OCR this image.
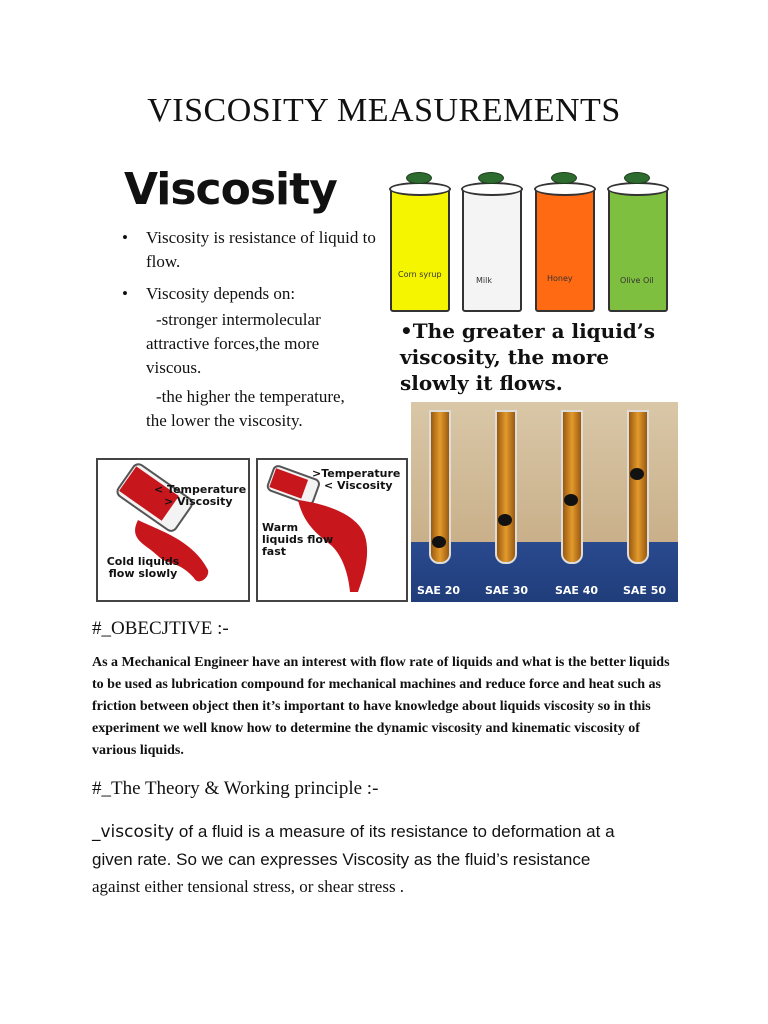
VISCOSITY MEASUREMENTS
Viscosity
• Viscosity is resistance of liquid to flow.
• Viscosity depends on:
-stronger intermolecular attractive forces,the more viscous.
-the higher the temperature, the lower the viscosity.
Corn syrup
Milk	Honey	Olive Oil
•The greater a liquid’s viscosity, the more slowly it flows.
SAE 20 SAE 30 SAE 40 SAE 50
< Temperature
> Viscosity
Cold liquids flow slowly
>Temperature
< Viscosity
Warm liquids flow fast
#_OBECJTIVE :-
As a Mechanical Engineer have an interest with flow rate of liquids and what is the better liquids to be used as lubrication compound for mechanical machines and reduce force and heat such as friction between object then it’s important to have knowledge about liquids viscosity so in this experiment we well know how to determine the dynamic viscosity and kinematic viscosity of various liquids.
#_The Theory & Working principle :-
_viscosity of a fluid is a measure of its resistance to deformation at a
given rate. So we can expresses Viscosity as the fluid’s resistance
against either tensional stress, or shear stress .
